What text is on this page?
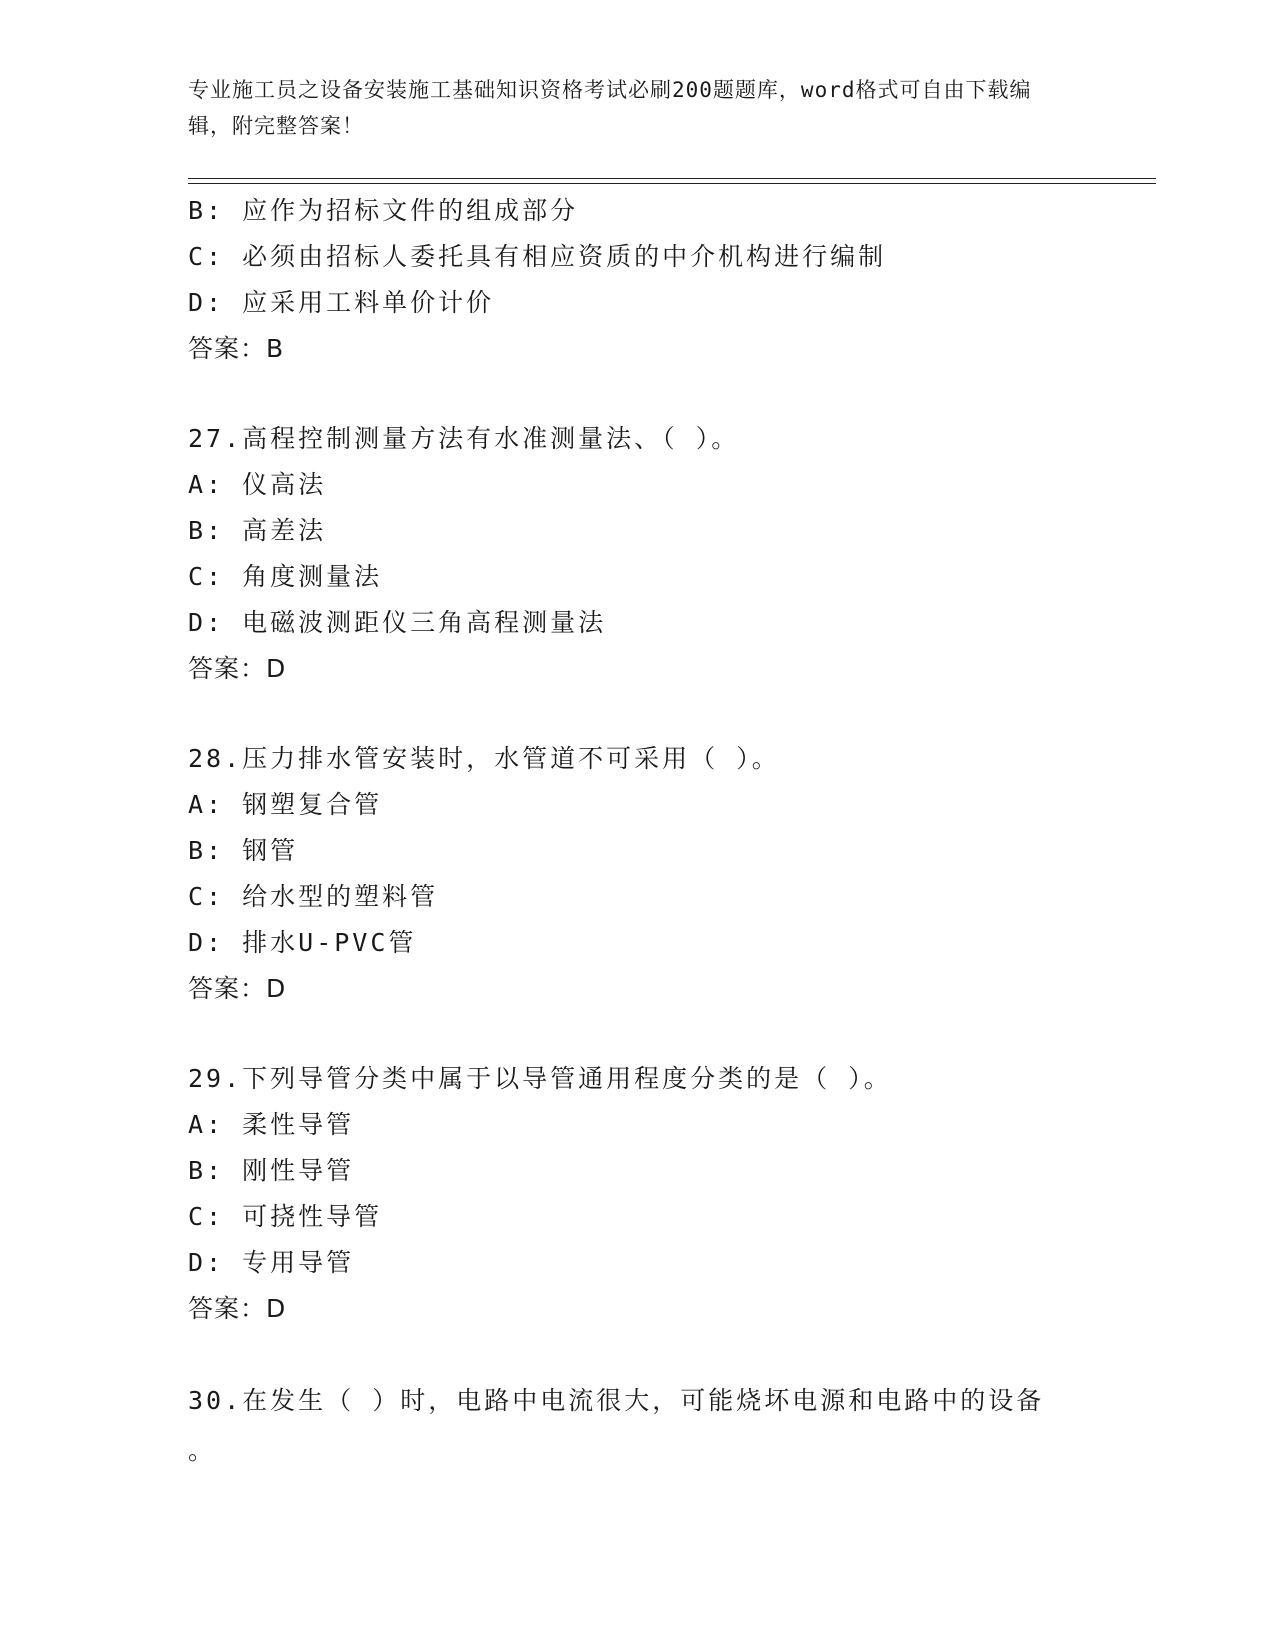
专业施工员之设备安装施工基础知识资格考试必刷200题题库，word格式可自由下载编辑，附完整答案！
B: 应作为招标文件的组成部分
C: 必须由招标人委托具有相应资质的中介机构进行编制
D: 应采用工料单价计价
答案：B
27.高程控制测量方法有水准测量法、（ ）。
A: 仪高法
B: 高差法
C: 角度测量法
D: 电磁波测距仪三角高程测量法
答案：D
28.压力排水管安装时，水管道不可采用（ ）。
A: 钢塑复合管
B: 钢管
C: 给水型的塑料管
D: 排水U-PVC管
答案：D
29.下列导管分类中属于以导管通用程度分类的是（ ）。
A: 柔性导管
B: 刚性导管
C: 可挠性导管
D: 专用导管
答案：D
30.在发生（ ）时，电路中电流很大，可能烧坏电源和电路中的设备
。
